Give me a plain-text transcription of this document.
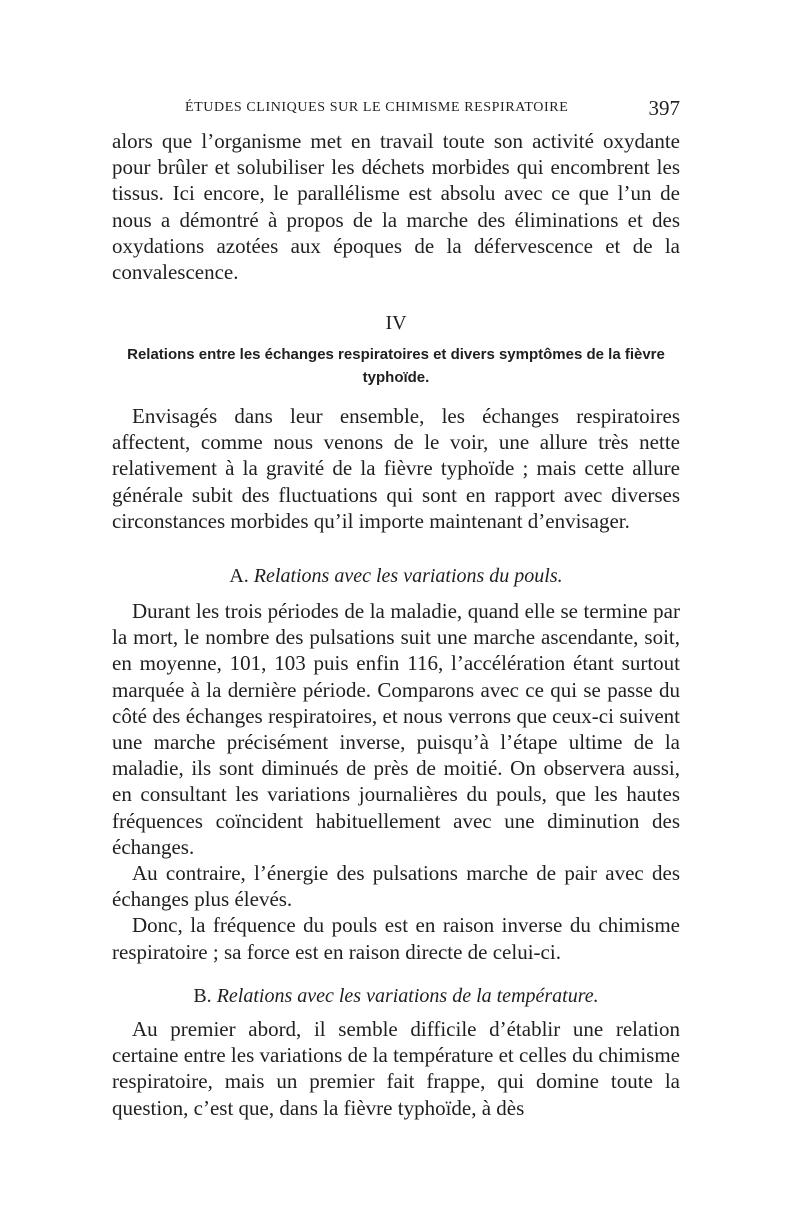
ÉTUDES CLINIQUES SUR LE CHIMISME RESPIRATOIRE	397

alors que l’organisme met en travail toute son activité oxydante pour brûler et solubiliser les déchets morbides qui encombrent les tissus. Ici encore, le parallélisme est absolu avec ce que l’un de nous a démontré à propos de la marche des éliminations et des oxydations azotées aux époques de la défervescence et de la convalescence.

IV
Relations entre les échanges respiratoires et divers symptômes de la fièvre typhoïde.

Envisagés dans leur ensemble, les échanges respiratoires affectent, comme nous venons de le voir, une allure très nette relativement à la gravité de la fièvre typhoïde ; mais cette allure générale subit des fluctuations qui sont en rapport avec diverses circonstances morbides qu’il importe maintenant d’envisager.

A. Relations avec les variations du pouls.

Durant les trois périodes de la maladie, quand elle se termine par la mort, le nombre des pulsations suit une marche ascendante, soit, en moyenne, 101, 103 puis enfin 116, l’accélération étant surtout marquée à la dernière période. Comparons avec ce qui se passe du côté des échanges respiratoires, et nous verrons que ceux-ci suivent une marche précisément inverse, puisqu’à l’étape ultime de la maladie, ils sont diminués de près de moitié. On observera aussi, en consultant les variations journalières du pouls, que les hautes fréquences coïncident habituellement avec une diminution des échanges.

Au contraire, l’énergie des pulsations marche de pair avec des échanges plus élevés.

Donc, la fréquence du pouls est en raison inverse du chimisme respiratoire ; sa force est en raison directe de celui-ci.

B. Relations avec les variations de la température.

Au premier abord, il semble difficile d’établir une relation certaine entre les variations de la température et celles du chimisme respiratoire, mais un premier fait frappe, qui domine toute la question, c’est que, dans la fièvre typhoïde, à dès
